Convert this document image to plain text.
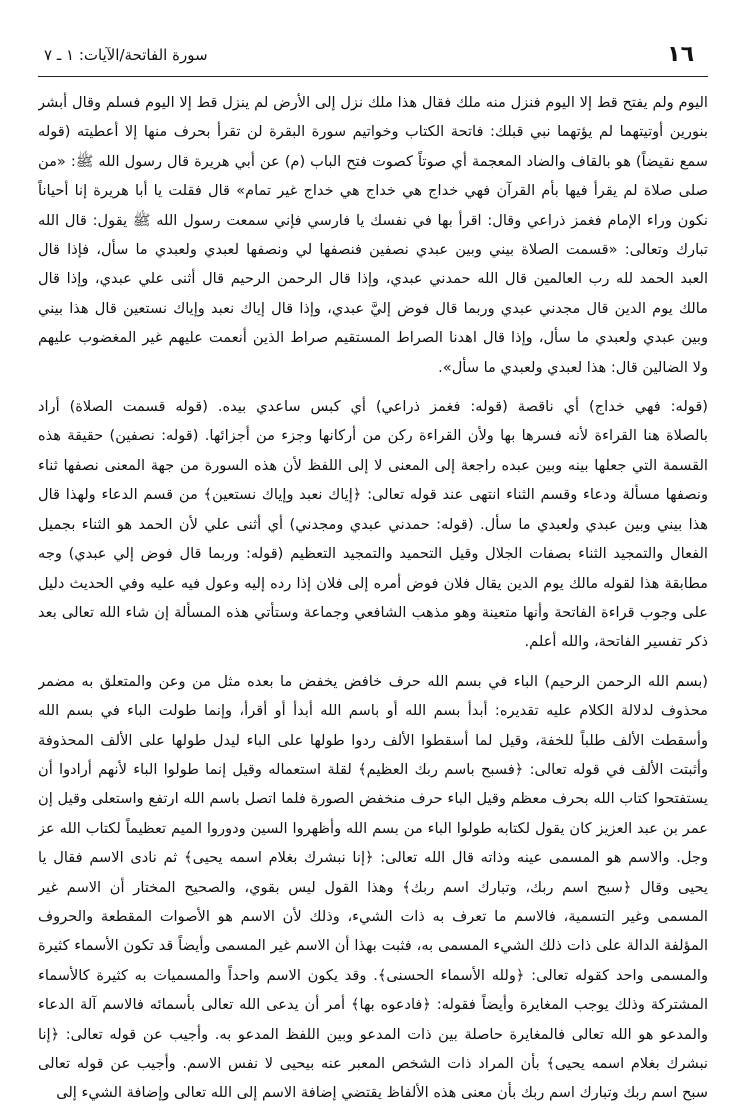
١٦
سورة الفاتحة/الآيات: ١ ـ ٧
اليوم ولم يفتح قط إلا اليوم فنزل منه ملك فقال هذا ملك نزل إلى الأرض لم ينزل قط إلا اليوم فسلم وقال أبشر
بنورين أوتيتهما لم يؤتهما نبي قبلك: فاتحة الكتاب وخواتيم سورة البقرة لن تقرأ بحرف منها إلا أعطيته (قوله
سمع نقيضاً) هو بالقاف والضاد المعجمة أي صوتاً كصوت فتح الباب (م) عن أبي هريرة قال رسول الله ﷺ: «من
صلى صلاة لم يقرأ فيها بأم القرآن فهي خداج هي خداج هي خداج غير تمام» قال فقلت يا أبا هريرة إنا أحياناً
نكون وراء الإمام فغمز ذراعي وقال: اقرأ بها في نفسك يا فارسي فإني سمعت رسول الله ﷺ يقول: قال الله
تبارك وتعالى: «قسمت الصلاة بيني وبين عبدي نصفين فنصفها لي ونصفها لعبدي ولعبدي ما سأل، فإذا قال
العبد الحمد لله رب العالمين قال الله حمدني عبدي، وإذا قال الرحمن الرحيم قال أثنى علي عبدي، وإذا قال
مالك يوم الدين قال مجدني عبدي وربما قال فوض إليَّ عبدي، وإذا قال إياك نعبد وإياك نستعين قال هذا بيني
وبين عبدي ولعبدي ما سأل، وإذا قال اهدنا الصراط المستقيم صراط الذين أنعمت عليهم غير المغضوب عليهم
ولا الضالين قال: هذا لعبدي ولعبدي ما سأل».
(قوله: فهي خداج) أي ناقصة (قوله: فغمز ذراعي) أي كبس ساعدي بيده. (قوله قسمت الصلاة) أراد
بالصلاة هنا القراءة لأنه فسرها بها ولأن القراءة ركن من أركانها وجزء من أجزائها. (قوله: نصفين) حقيقة هذه
القسمة التي جعلها بينه وبين عبده راجعة إلى المعنى لا إلى اللفظ لأن هذه السورة من جهة المعنى نصفها ثناء
ونصفها مسألة ودعاء وقسم الثناء انتهى عند قوله تعالى: ﴿إياك نعبد وإياك نستعين﴾ من قسم الدعاء ولهذا قال
هذا بيني وبين عبدي ولعبدي ما سأل. (قوله: حمدني عبدي ومجدني) أي أثنى علي لأن الحمد هو الثناء بجميل
الفعال والتمجيد الثناء بصفات الجلال وقيل التحميد والتمجيد التعظيم (قوله: وربما قال فوض إلي عبدي) وجه
مطابقة هذا لقوله مالك يوم الدين يقال فلان فوض أمره إلى فلان إذا رده إليه وعول فيه عليه وفي الحديث دليل
على وجوب قراءة الفاتحة وأنها متعينة وهو مذهب الشافعي وجماعة وستأتي هذه المسألة إن شاء الله تعالى بعد
ذكر تفسير الفاتحة، والله أعلم.
(بسم الله الرحمن الرحيم) الباء في بسم الله حرف خافض يخفض ما بعده مثل من وعن والمتعلق به مضمر
محذوف لدلالة الكلام عليه تقديره: أبدأ بسم الله أو باسم الله أبدأ أو أقرأ، وإنما طولت الباء في بسم الله
وأسقطت الألف طلباً للخفة، وقيل لما أسقطوا الألف ردوا طولها على الباء ليدل طولها على الألف المحذوفة
وأثبتت الألف في قوله تعالى: ﴿فسبح باسم ربك العظيم﴾ لقلة استعماله وقيل إنما طولوا الباء لأنهم أرادوا أن
يستفتحوا كتاب الله بحرف معظم وقيل الباء حرف منخفض الصورة فلما اتصل باسم الله ارتفع واستعلى وقيل إن
عمر بن عبد العزيز كان يقول لكتابه طولوا الباء من بسم الله وأظهروا السين ودوروا الميم تعظيماً لكتاب الله عز
وجل. والاسم هو المسمى عينه وذاته قال الله تعالى: ﴿إنا نبشرك بغلام اسمه يحيى﴾ ثم نادى الاسم فقال يا
يحيى وقال ﴿سبح اسم ربك، وتبارك اسم ربك﴾ وهذا القول ليس بقوي، والصحيح المختار أن الاسم غير
المسمى وغير التسمية، فالاسم ما تعرف به ذات الشيء، وذلك لأن الاسم هو الأصوات المقطعة والحروف
المؤلفة الدالة على ذات ذلك الشيء المسمى به، فثبت بهذا أن الاسم غير المسمى وأيضاً قد تكون الأسماء كثيرة
والمسمى واحد كقوله تعالى: ﴿ولله الأسماء الحسنى﴾. وقد يكون الاسم واحداً والمسميات به كثيرة كالأسماء
المشتركة وذلك يوجب المغايرة وأيضاً فقوله: ﴿فادعوه بها﴾ أمر أن يدعى الله تعالى بأسمائه فالاسم آلة الدعاء
والمدعو هو الله تعالى فالمغايرة حاصلة بين ذات المدعو وبين اللفظ المدعو به. وأجيب عن قوله تعالى: ﴿إنا
نبشرك بغلام اسمه يحيى﴾ بأن المراد ذات الشخص المعبر عنه بيحيى لا نفس الاسم. وأجيب عن قوله تعالى
سبح اسم ربك وتبارك اسم ربك بأن معنى هذه الألفاظ يقتضي إضافة الاسم إلى الله تعالى وإضافة الشيء إلى
